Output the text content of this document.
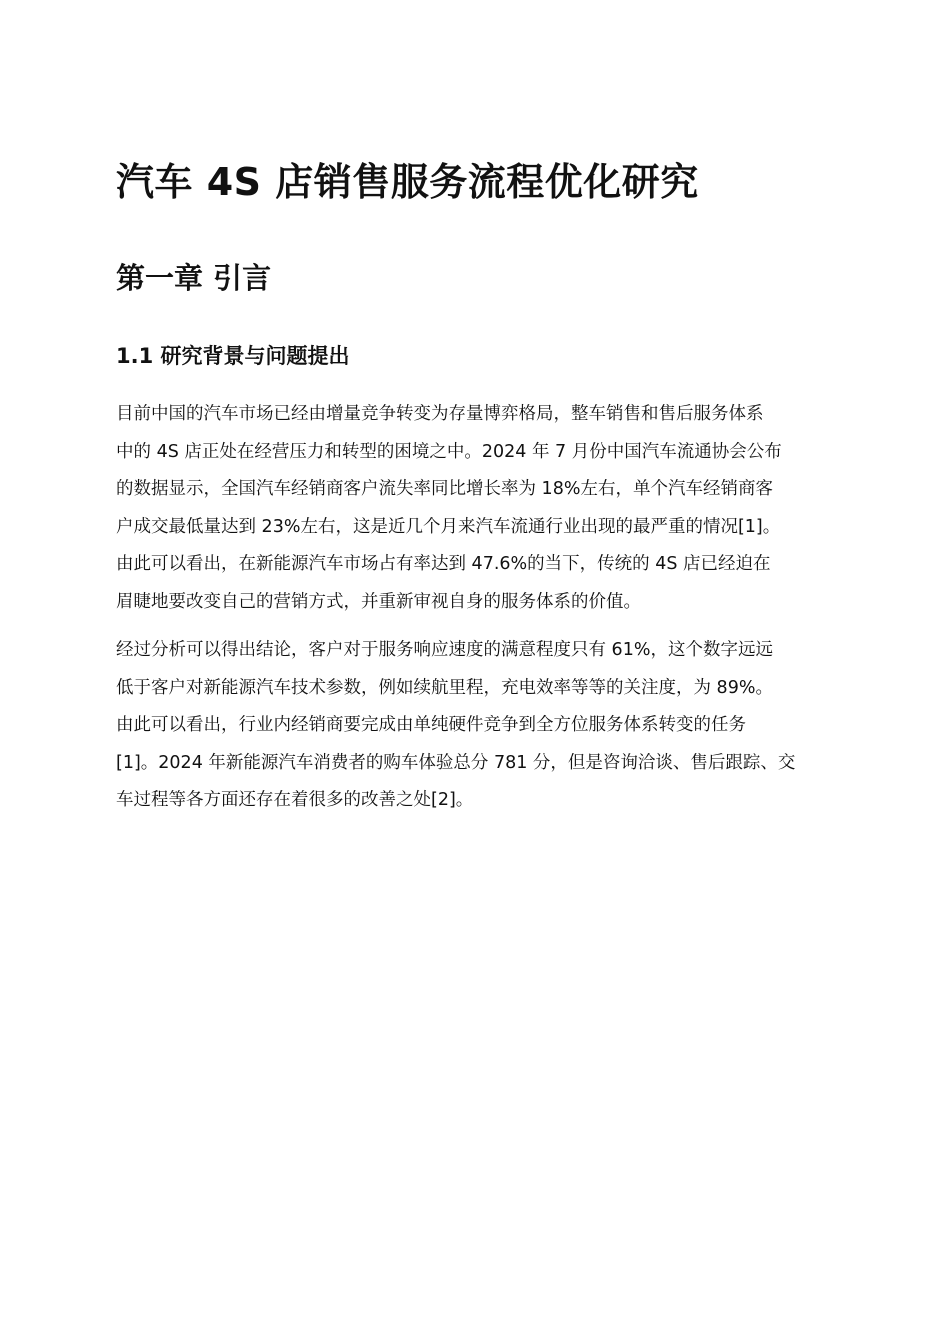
汽车 4S 店销售服务流程优化研究
第一章 引言
1.1 研究背景与问题提出

目前中国的汽车市场已经由增量竞争转变为存量博弈格局，整车销售和售后服务体系
中的 4S 店正处在经营压力和转型的困境之中。2024 年 7 月份中国汽车流通协会公布
的数据显示，全国汽车经销商客户流失率同比增长率为 18%左右，单个汽车经销商客
户成交最低量达到 23%左右，这是近几个月来汽车流通行业出现的最严重的情况[1]。
由此可以看出，在新能源汽车市场占有率达到 47.6%的当下，传统的 4S 店已经迫在
眉睫地要改变自己的营销方式，并重新审视自身的服务体系的价值。

经过分析可以得出结论，客户对于服务响应速度的满意程度只有 61%，这个数字远远
低于客户对新能源汽车技术参数，例如续航里程，充电效率等等的关注度，为 89%。
由此可以看出，行业内经销商要完成由单纯硬件竞争到全方位服务体系转变的任务
[1]。2024 年新能源汽车消费者的购车体验总分 781 分，但是咨询洽谈、售后跟踪、交
车过程等各方面还存在着很多的改善之处[2]。
